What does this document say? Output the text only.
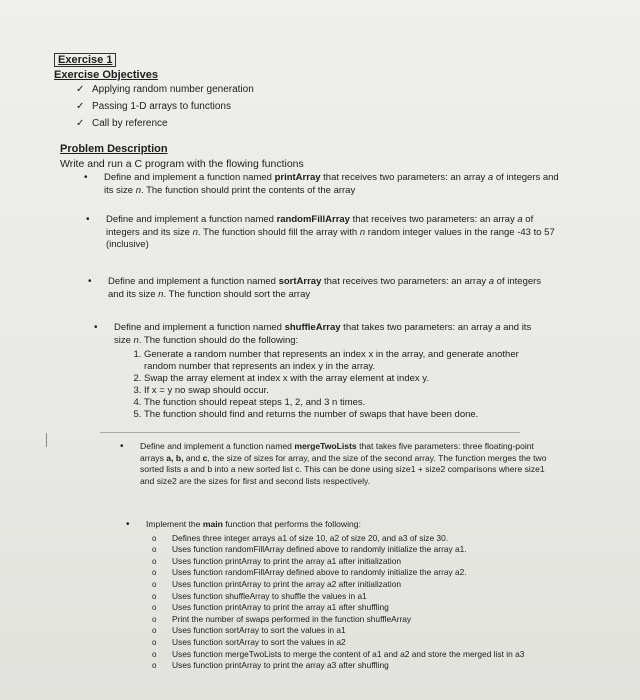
Exercise 1
Exercise Objectives
✓ Applying random number generation
✓ Passing 1-D arrays to functions
✓ Call by reference
Problem Description
Write and run a C program with the flowing functions
• Define and implement a function named printArray that receives two parameters: an array a of integers and its size n. The function should print the contents of the array
• Define and implement a function named randomFillArray that receives two parameters: an array a of integers and its size n. The function should fill the array with n random integer values in the range -43 to 57 (inclusive)
• Define and implement a function named sortArray that receives two parameters: an array a of integers and its size n. The function should sort the array
• Define and implement a function named shuffleArray that takes two parameters: an array a and its size n. The function should do the following:
1. Generate a random number that represents an index x in the array, and generate another random number that represents an index y in the array.
2. Swap the array element at index x with the array element at index y.
3. If x = y no swap should occur.
4. The function should repeat steps 1, 2, and 3 n times.
5. The function should find and returns the number of swaps that have been done.
• Define and implement a function named mergeTwoLists that takes five parameters: three floating-point arrays a, b, and c, the size of sizes for array, and the size of the second array. The function merges the two sorted lists a and b into a new sorted list c. This can be done using size1 + size2 comparisons where size1 and size2 are the sizes for first and second lists respectively.
• Implement the main function that performs the following:
o Defines three integer arrays a1 of size 10, a2 of size 20, and a3 of size 30.
o Uses function randomFillArray defined above to randomly initialize the array a1.
o Uses function printArray to print the array a1 after initialization
o Uses function randomFillArray defined above to randomly initialize the array a2.
o Uses function printArray to print the array a2 after initialization
o Uses function shuffleArray to shuffle the values in a1
o Uses function printArray to print the array a1 after shuffling
o Print the number of swaps performed in the function shuffleArray
o Uses function sortArray to sort the values in a1
o Uses function sortArray to sort the values in a2
o Uses function mergeTwoLists to merge the content of a1 and a2 and store the merged list in a3
o Uses function printArray to print the array a3 after shuffling
